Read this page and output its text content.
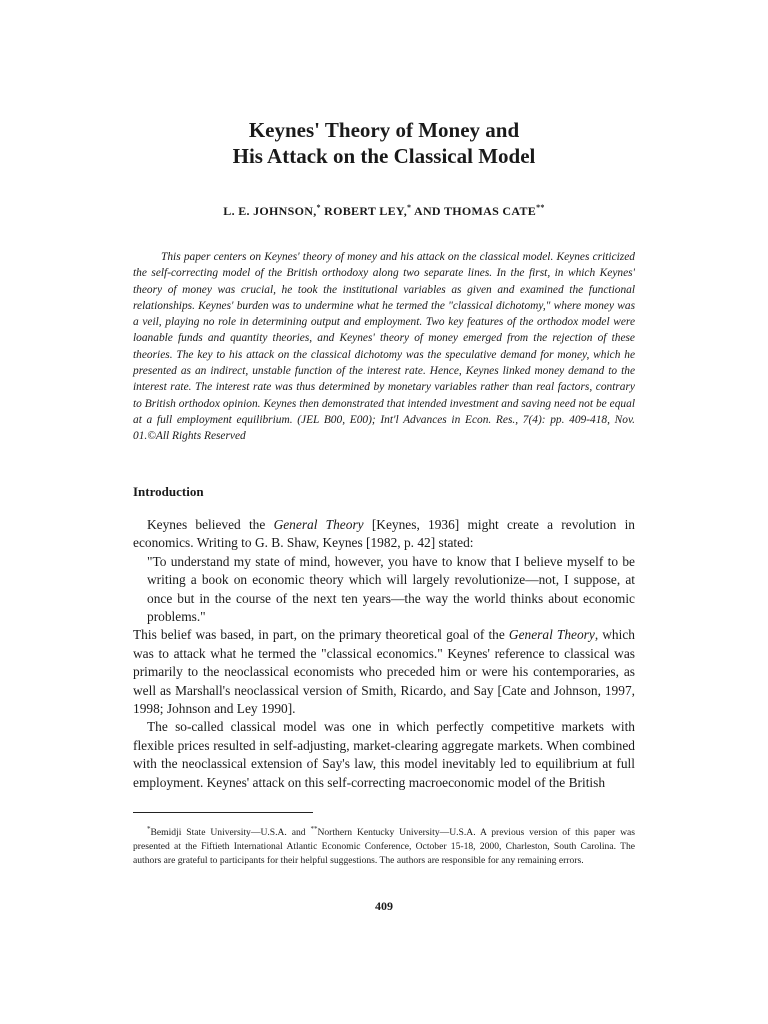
Keynes' Theory of Money and
His Attack on the Classical Model
L. E. JOHNSON,* ROBERT LEY,* AND THOMAS CATE**

This paper centers on Keynes' theory of money and his attack on the classical model. Keynes criticized the self-correcting model of the British orthodoxy along two separate lines. In the first, in which Keynes' theory of money was crucial, he took the institutional variables as given and examined the functional relationships. Keynes' burden was to undermine what he termed the "classical dichotomy," where money was a veil, playing no role in determining output and employment. Two key features of the orthodox model were loanable funds and quantity theories, and Keynes' theory of money emerged from the rejection of these theories. The key to his attack on the classical dichotomy was the speculative demand for money, which he presented as an indirect, unstable function of the interest rate. Hence, Keynes linked money demand to the interest rate. The interest rate was thus determined by monetary variables rather than real factors, contrary to British orthodox opinion. Keynes then demonstrated that intended investment and saving need not be equal at a full employment equilibrium. (JEL B00, E00); Int'l Advances in Econ. Res., 7(4): pp. 409-418, Nov. 01.©All Rights Reserved

Introduction

Keynes believed the General Theory [Keynes, 1936] might create a revolution in economics. Writing to G. B. Shaw, Keynes [1982, p. 42] stated:

"To understand my state of mind, however, you have to know that I believe myself to be writing a book on economic theory which will largely revolutionize—not, I suppose, at once but in the course of the next ten years—the way the world thinks about economic problems."

This belief was based, in part, on the primary theoretical goal of the General Theory, which was to attack what he termed the "classical economics." Keynes' reference to classical was primarily to the neoclassical economists who preceded him or were his contemporaries, as well as Marshall's neoclassical version of Smith, Ricardo, and Say [Cate and Johnson, 1997, 1998; Johnson and Ley 1990].

The so-called classical model was one in which perfectly competitive markets with flexible prices resulted in self-adjusting, market-clearing aggregate markets. When combined with the neoclassical extension of Say's law, this model inevitably led to equilibrium at full employment. Keynes' attack on this self-correcting macroeconomic model of the British

*Bemidji State University—U.S.A. and **Northern Kentucky University—U.S.A. A previous version of this paper was presented at the Fiftieth International Atlantic Economic Conference, October 15-18, 2000, Charleston, South Carolina. The authors are grateful to participants for their helpful suggestions. The authors are responsible for any remaining errors.
409
